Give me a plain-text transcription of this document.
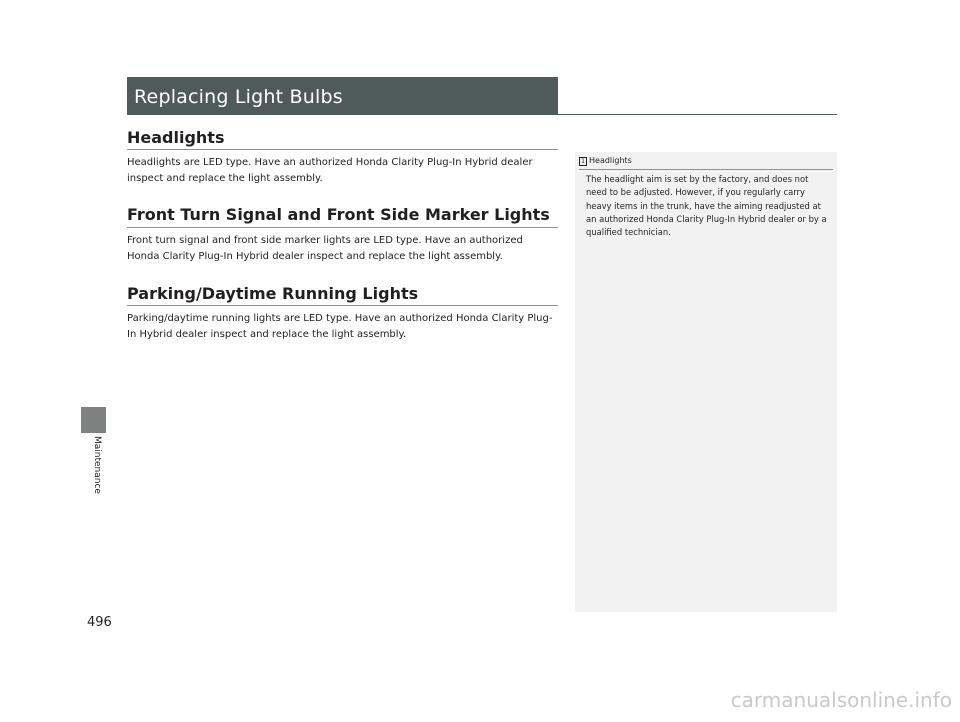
Replacing Light Bulbs
Maintenance
496
Headlights
Headlights are LED type. Have an authorized Honda Clarity Plug-In Hybrid dealer inspect and replace the light assembly.
Front Turn Signal and Front Side Marker Lights
Front turn signal and front side marker lights are LED type. Have an authorized Honda Clarity Plug-In Hybrid dealer inspect and replace the light assembly.
Parking/Daytime Running Lights
Parking/daytime running lights are LED type. Have an authorized Honda Clarity Plug-In Hybrid dealer inspect and replace the light assembly.
1 Headlights
The headlight aim is set by the factory, and does not need to be adjusted. However, if you regularly carry heavy items in the trunk, have the aiming readjusted at an authorized Honda Clarity Plug-In Hybrid dealer or by a qualified technician.
carmanualsonline.info
